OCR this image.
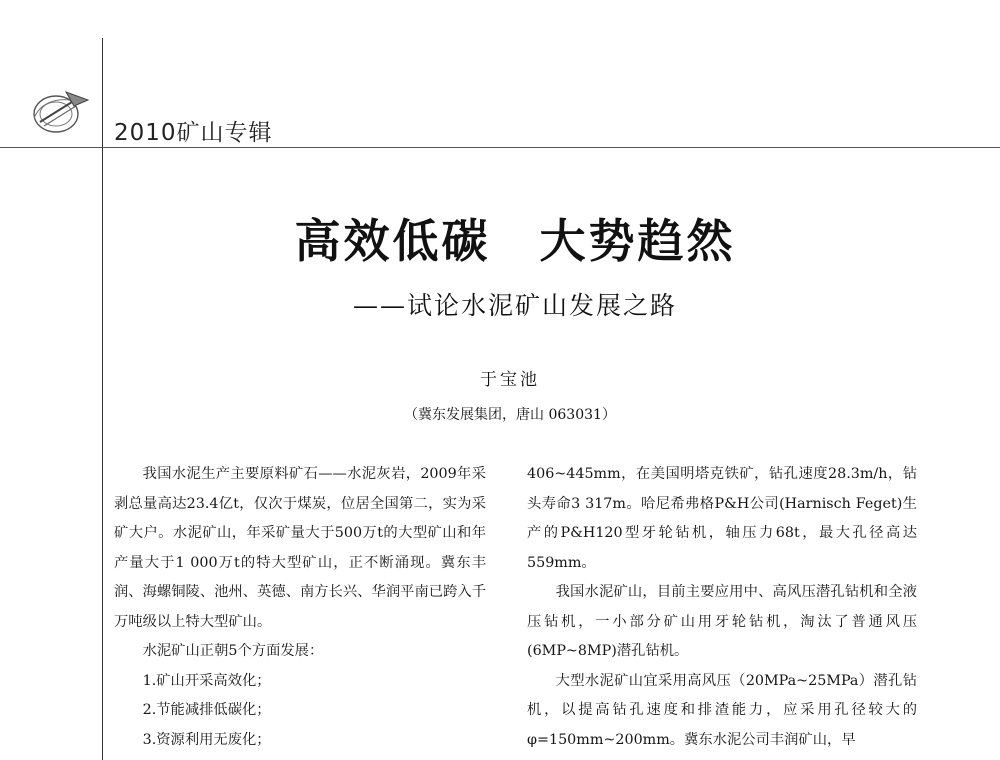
2010矿山专辑
高效低碳　大势趋然
——试论水泥矿山发展之路
于宝池
（冀东发展集团，唐山 063031）

我国水泥生产主要原料矿石——水泥灰岩，2009年采剥总量高达23.4亿t，仅次于煤炭，位居全国第二，实为采矿大户。水泥矿山，年采矿量大于500万t的大型矿山和年产量大于1 000万t的特大型矿山，正不断涌现。冀东丰润、海螺铜陵、池州、英德、南方长兴、华润平南已跨入千万吨级以上特大型矿山。

水泥矿山正朝5个方面发展：

1.矿山开采高效化；

2.节能减排低碳化；

3.资源利用无废化；

406~445mm，在美国明塔克铁矿，钻孔速度28.3m/h，钻头寿命3 317m。哈尼希弗格P&H公司(Harnisch Feget)生产的P&H120型牙轮钻机，轴压力68t，最大孔径高达559mm。

我国水泥矿山，目前主要应用中、高风压潜孔钻机和全液压钻机，一小部分矿山用牙轮钻机，淘汰了普通风压(6MP~8MP)潜孔钻机。

大型水泥矿山宜采用高风压（20MPa~25MPa）潜孔钻机，以提高钻孔速度和排渣能力，应采用孔径较大的φ=150mm~200mm。冀东水泥公司丰润矿山，早
